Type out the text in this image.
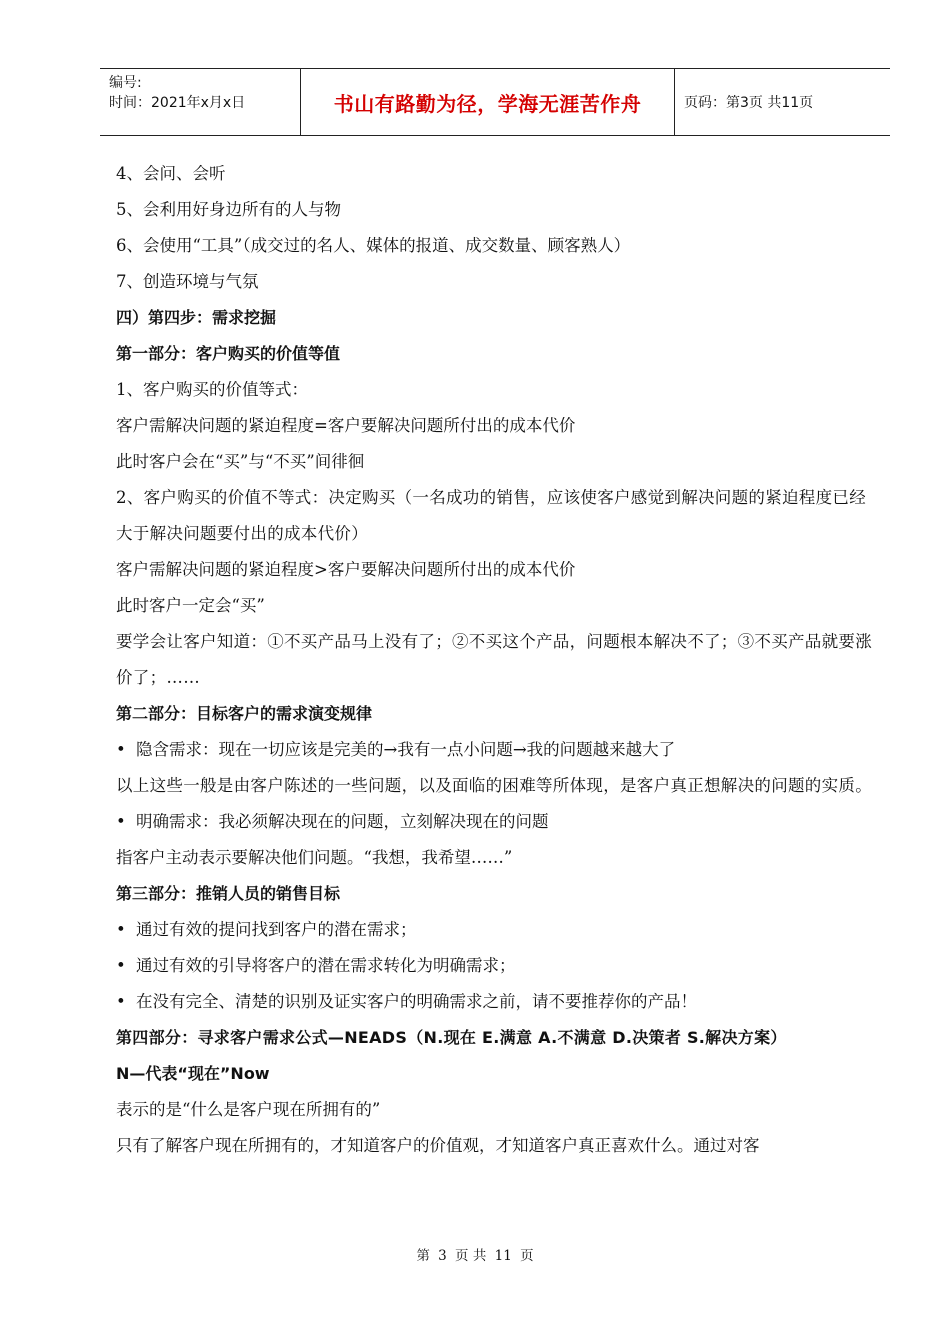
编号:
时间：2021年x月x日	书山有路勤为径，学海无涯苦作舟	页码：第3页 共11页
4、会问、会听
5、会利用好身边所有的人与物
6、会使用“工具”（成交过的名人、媒体的报道、成交数量、顾客熟人）
7、创造环境与气氛
四）第四步：需求挖掘
第一部分：客户购买的价值等值
1、客户购买的价值等式：
客户需解决问题的紧迫程度=客户要解决问题所付出的成本代价
此时客户会在“买”与“不买”间徘徊
2、客户购买的价值不等式：决定购买（一名成功的销售，应该使客户感觉到解决问题的紧迫程度已经大于解决问题要付出的成本代价）
客户需解决问题的紧迫程度>客户要解决问题所付出的成本代价
此时客户一定会“买”
要学会让客户知道：①不买产品马上没有了；②不买这个产品，问题根本解决不了；③不买产品就要涨价了；……
第二部分：目标客户的需求演变规律
• 隐含需求：现在一切应该是完美的→我有一点小问题→我的问题越来越大了
以上这些一般是由客户陈述的一些问题，以及面临的困难等所体现，是客户真正想解决的问题的实质。
• 明确需求：我必须解决现在的问题，立刻解决现在的问题
指客户主动表示要解决他们问题。“我想，我希望……”
第三部分：推销人员的销售目标
• 通过有效的提问找到客户的潜在需求；
• 通过有效的引导将客户的潜在需求转化为明确需求；
• 在没有完全、清楚的识别及证实客户的明确需求之前，请不要推荐你的产品！
第四部分：寻求客户需求公式—NEADS（N.现在 E.满意 A.不满意 D.决策者 S.解决方案）
N—代表“现在”Now
表示的是“什么是客户现在所拥有的”
只有了解客户现在所拥有的，才知道客户的价值观，才知道客户真正喜欢什么。通过对客
第 3 页 共 11 页
